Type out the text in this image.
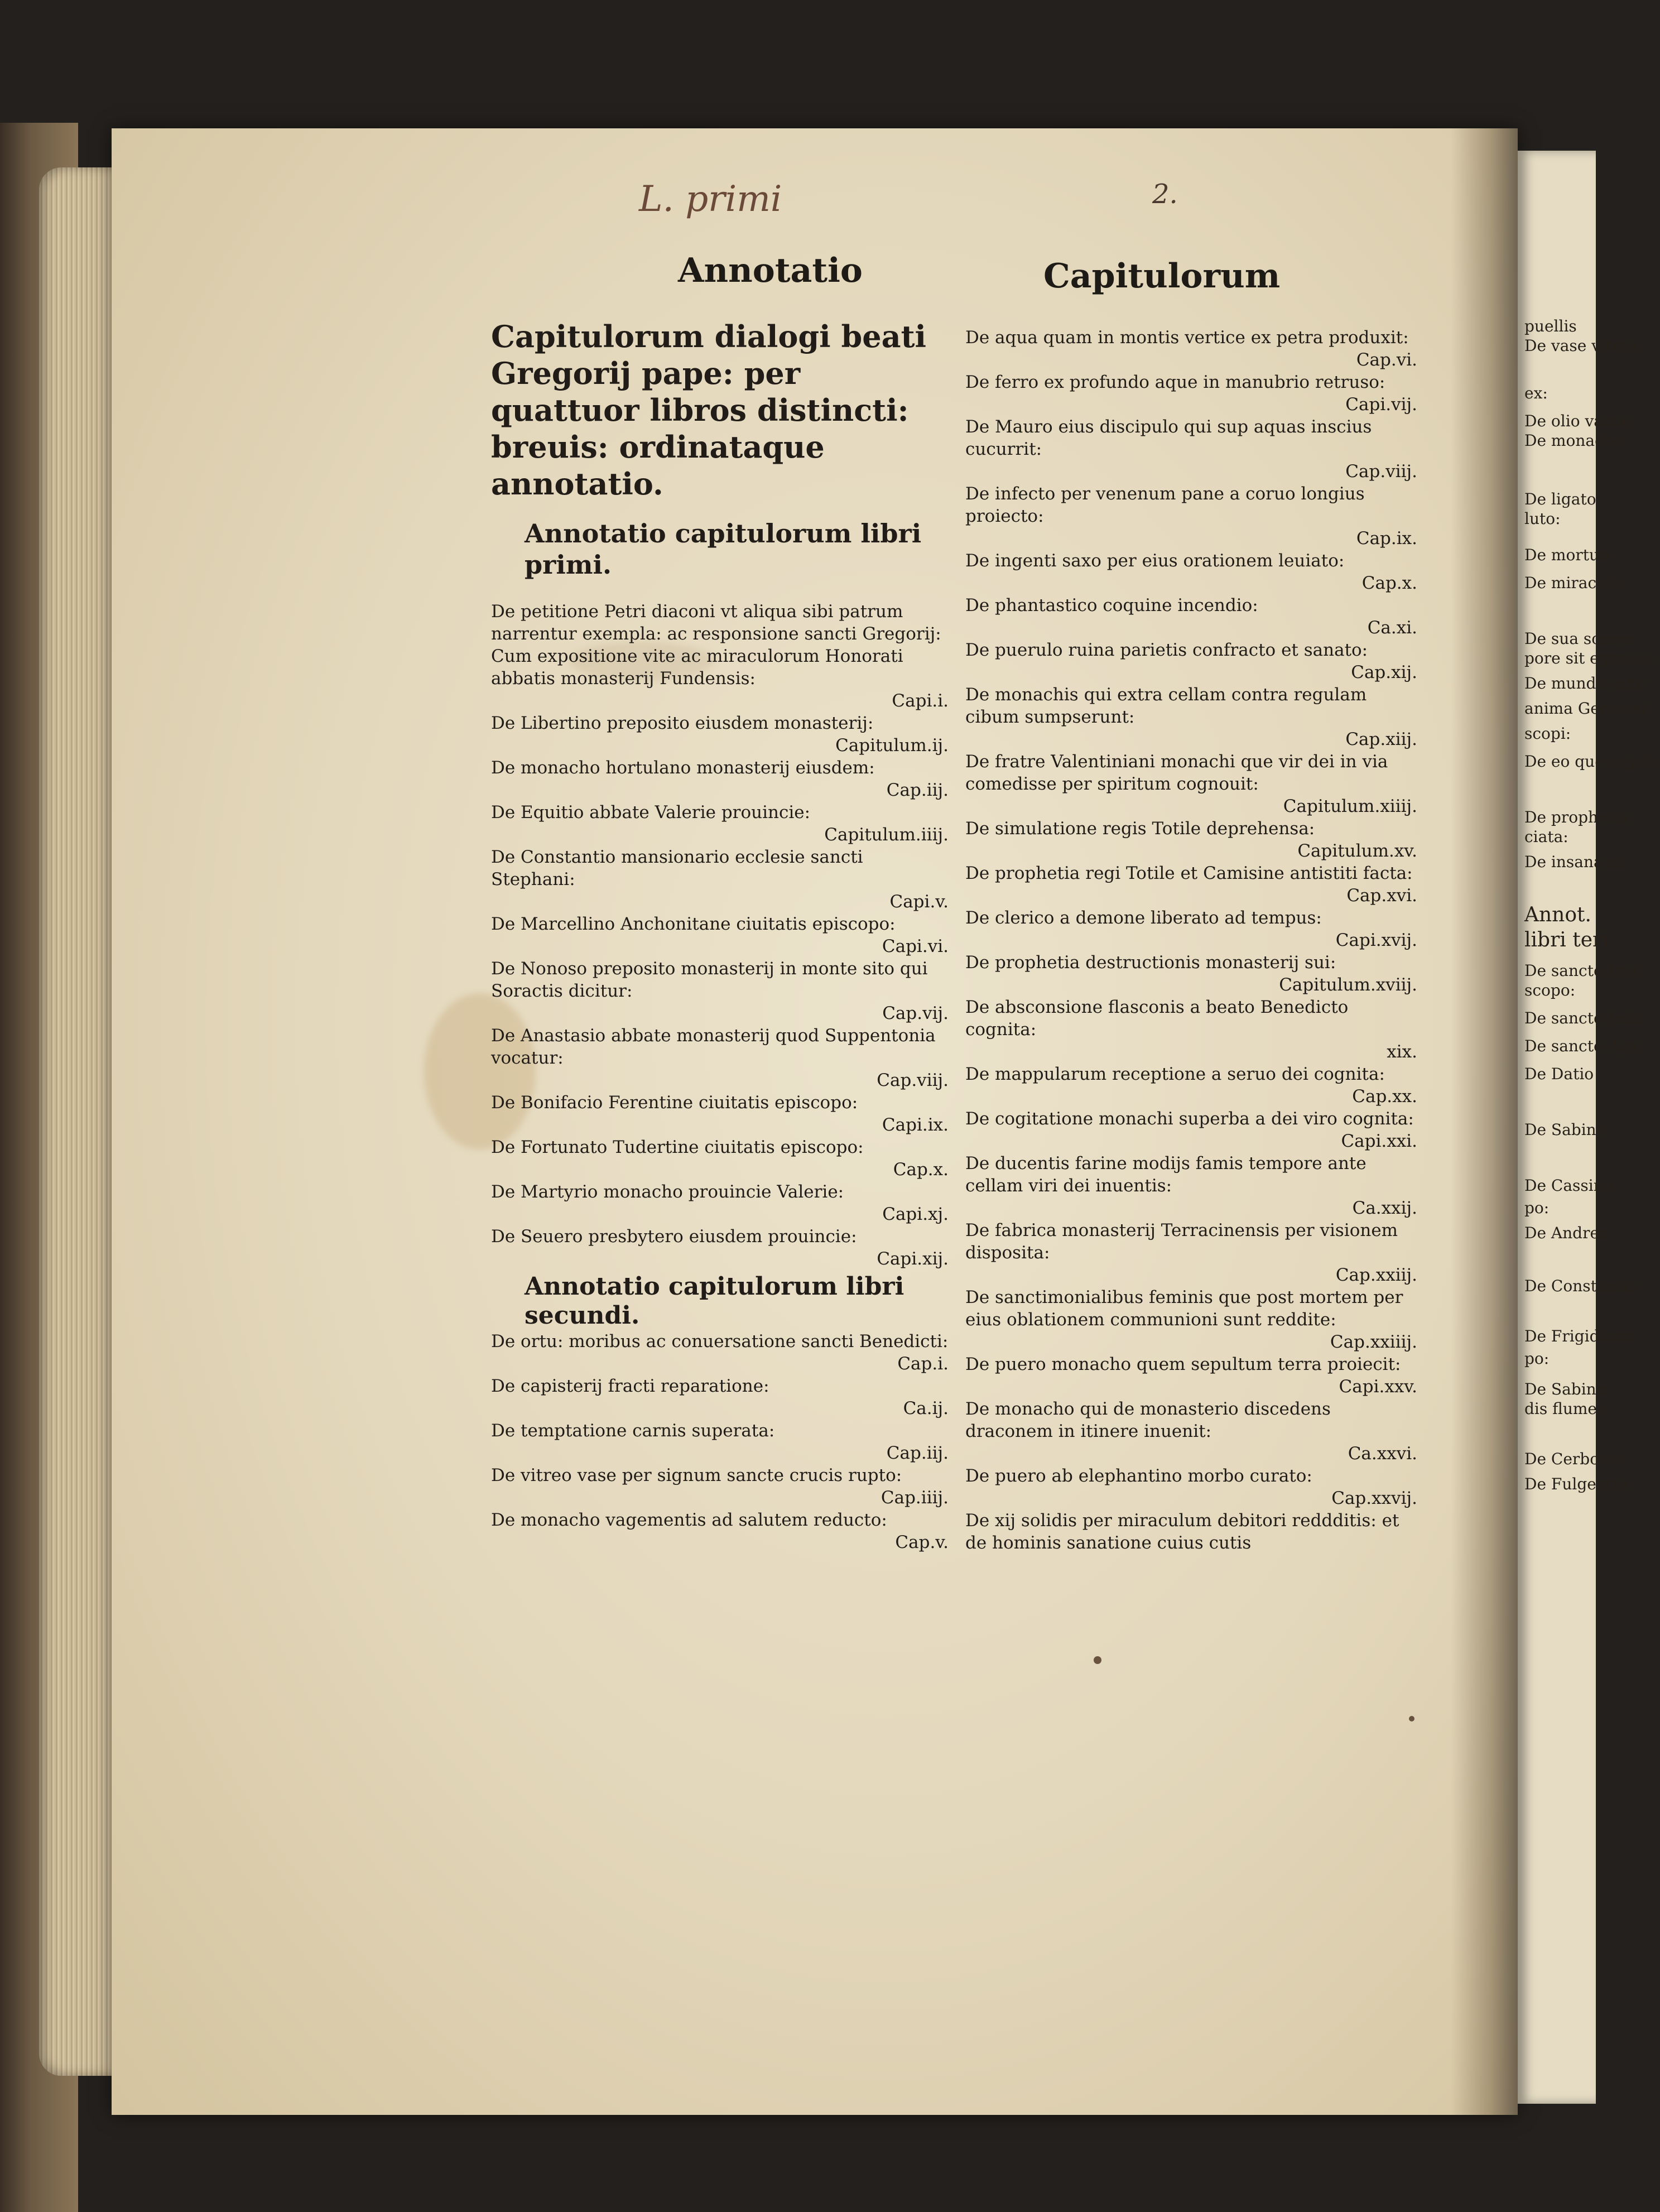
L. primi	2.
Annotatio	Capitulorum

Capitulorum dialogi beati Gregorij pape: per quattuor libros distincti: breuis: ordinataque annotatio.

Annotatio capitulorum libri primi.

De petitione Petri diaconi vt aliqua sibi patrum narrentur exempla: ac responsione sancti Gregorij: Cum expositione vite ac miraculorum Honorati abbatis monasterij Fundensis:
Capi.i.

De Libertino preposito eiusdem monasterij:
Capitulum.ij.

De monacho hortulano monasterij eiusdem:
Cap.iij.

De Equitio abbate Valerie prouincie:
Capitulum.iiij.

De Constantio mansionario ecclesie sancti Stephani:
Capi.v.

De Marcellino Anchonitane ciuitatis episcopo:
Capi.vi.

De Nonoso preposito monasterij in monte sito qui Soractis dicitur:
Cap.vij.

De Anastasio abbate monasterij quod Suppentonia vocatur:
Cap.viij.

De Bonifacio Ferentine ciuitatis episcopo:
Capi.ix.

De Fortunato Tudertine ciuitatis episcopo:
Cap.x.

De Martyrio monacho prouincie Valerie:
Capi.xj.

De Seuero presbytero eiusdem prouincie:
Capi.xij.

Annotatio capitulorum libri secundi.

De ortu: moribus ac conuersatione sancti Benedicti:
Cap.i.

De capisterij fracti reparatione:
Ca.ij.

De temptatione carnis superata:
Cap.iij.

De vitreo vase per signum sancte crucis rupto:
Cap.iiij.

De monacho vagementis ad salutem reducto:
Cap.v.

De aqua quam in montis vertice ex petra produxit:
Cap.vi.

De ferro ex profundo aque in manubrio retruso:
Capi.vij.

De Mauro eius discipulo qui sup aquas inscius cucurrit:
Cap.viij.

De infecto per venenum pane a coruo longius proiecto:
Cap.ix.

De ingenti saxo per eius orationem leuiato:
Cap.x.

De phantastico coquine incendio:
Ca.xi.

De puerulo ruina parietis confracto et sanato:
Cap.xij.

De monachis qui extra cellam contra regulam cibum sumpserunt:
Cap.xiij.

De fratre Valentiniani monachi que vir dei in via comedisse per spiritum cognouit:
Capitulum.xiiij.

De simulatione regis Totile deprehensa:
Capitulum.xv.

De prophetia regi Totile et Camisine antistiti facta:
Cap.xvi.

De clerico a demone liberato ad tempus:
Capi.xvij.

De prophetia destructionis monasterij sui:
Capitulum.xviij.

De absconsione flasconis a beato Benedicto cognita:
xix.

De mappularum receptione a seruo dei cognita:
Cap.xx.

De cogitatione monachi superba a dei viro cognita:
Capi.xxi.

De ducentis farine modijs famis tempore ante cellam viri dei inuentis:
Ca.xxij.

De fabrica monasterij Terracinensis per visionem disposita:
Cap.xxiij.

De sanctimonialibus feminis que post mortem per eius oblationem communioni sunt reddite:
Cap.xxiiij.

De puero monacho quem sepultum terra proiecit:
Capi.xxv.

De monacho qui de monasterio discedens draconem in itinere inuenit:
Ca.xxvi.

De puero ab elephantino morbo curato:
Cap.xxvij.

De xij solidis per miraculum debitori reddditis: et de hominis sanatione cuius cutis

puellis
De vase vitreo
ex:
De olio vacuo
De monacho
De ligato
luto:
De mortuo
De miraculo
De sua sorore
pore sit egressa:
De mundo ante
anima Germani
scopi:
De eo que regula
De prophetia
ciata:
De insana m
Annot.
libri teri
De sancto Paul
scopo:
De sancto Joha
De sancto Aga
De Datio
De Sabino
De Cassino
po:
De Andrea
De Constantio
De Frigidiano
po:
De Sabino
dis flumen
De Cerbonio
De Fulgentio
